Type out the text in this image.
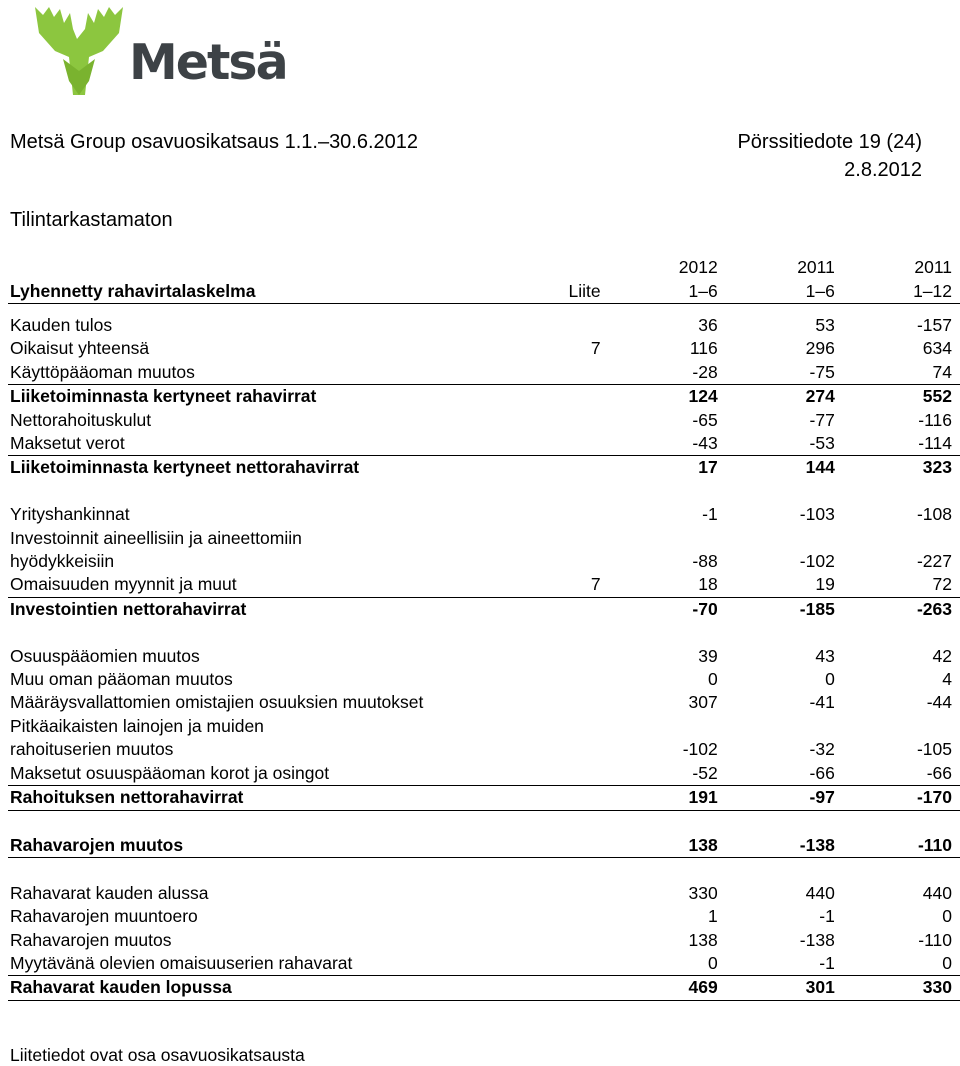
Metsä
Metsä Group osavuosikatsaus 1.1.–30.6.2012	Pörssitiedote 19 (24)
2.8.2012
Tilintarkastamaton
		2012	2011	2011
Lyhennetty rahavirtalaskelma	Liite	1–6	1–6	1–12

Kauden tulos		36	53	-157
Oikaisut yhteensä	7	116	296	634
Käyttöpääoman muutos		-28	-75	74
Liiketoiminnasta kertyneet rahavirrat		124	274	552
Nettorahoituskulut		-65	-77	-116
Maksetut verot		-43	-53	-114
Liiketoiminnasta kertyneet nettorahavirrat		17	144	323

Yrityshankinnat		-1	-103	-108
Investoinnit aineellisiin ja aineettomiin				
hyödykkeisiin		-88	-102	-227
Omaisuuden myynnit ja muut	7	18	19	72
Investointien nettorahavirrat		-70	-185	-263

Osuuspääomien muutos		39	43	42
Muu oman pääoman muutos		0	0	4
Määräysvallattomien omistajien osuuksien muutokset		307	-41	-44
Pitkäaikaisten lainojen ja muiden				
rahoituserien muutos		-102	-32	-105
Maksetut osuuspääoman korot ja osingot		-52	-66	-66
Rahoituksen nettorahavirrat		191	-97	-170

Rahavarojen muutos		138	-138	-110

Rahavarat kauden alussa		330	440	440
Rahavarojen muuntoero		1	-1	0
Rahavarojen muutos		138	-138	-110
Myytävänä olevien omaisuuserien rahavarat		0	-1	0
Rahavarat kauden lopussa		469	301	330
Liitetiedot ovat osa osavuosikatsausta
